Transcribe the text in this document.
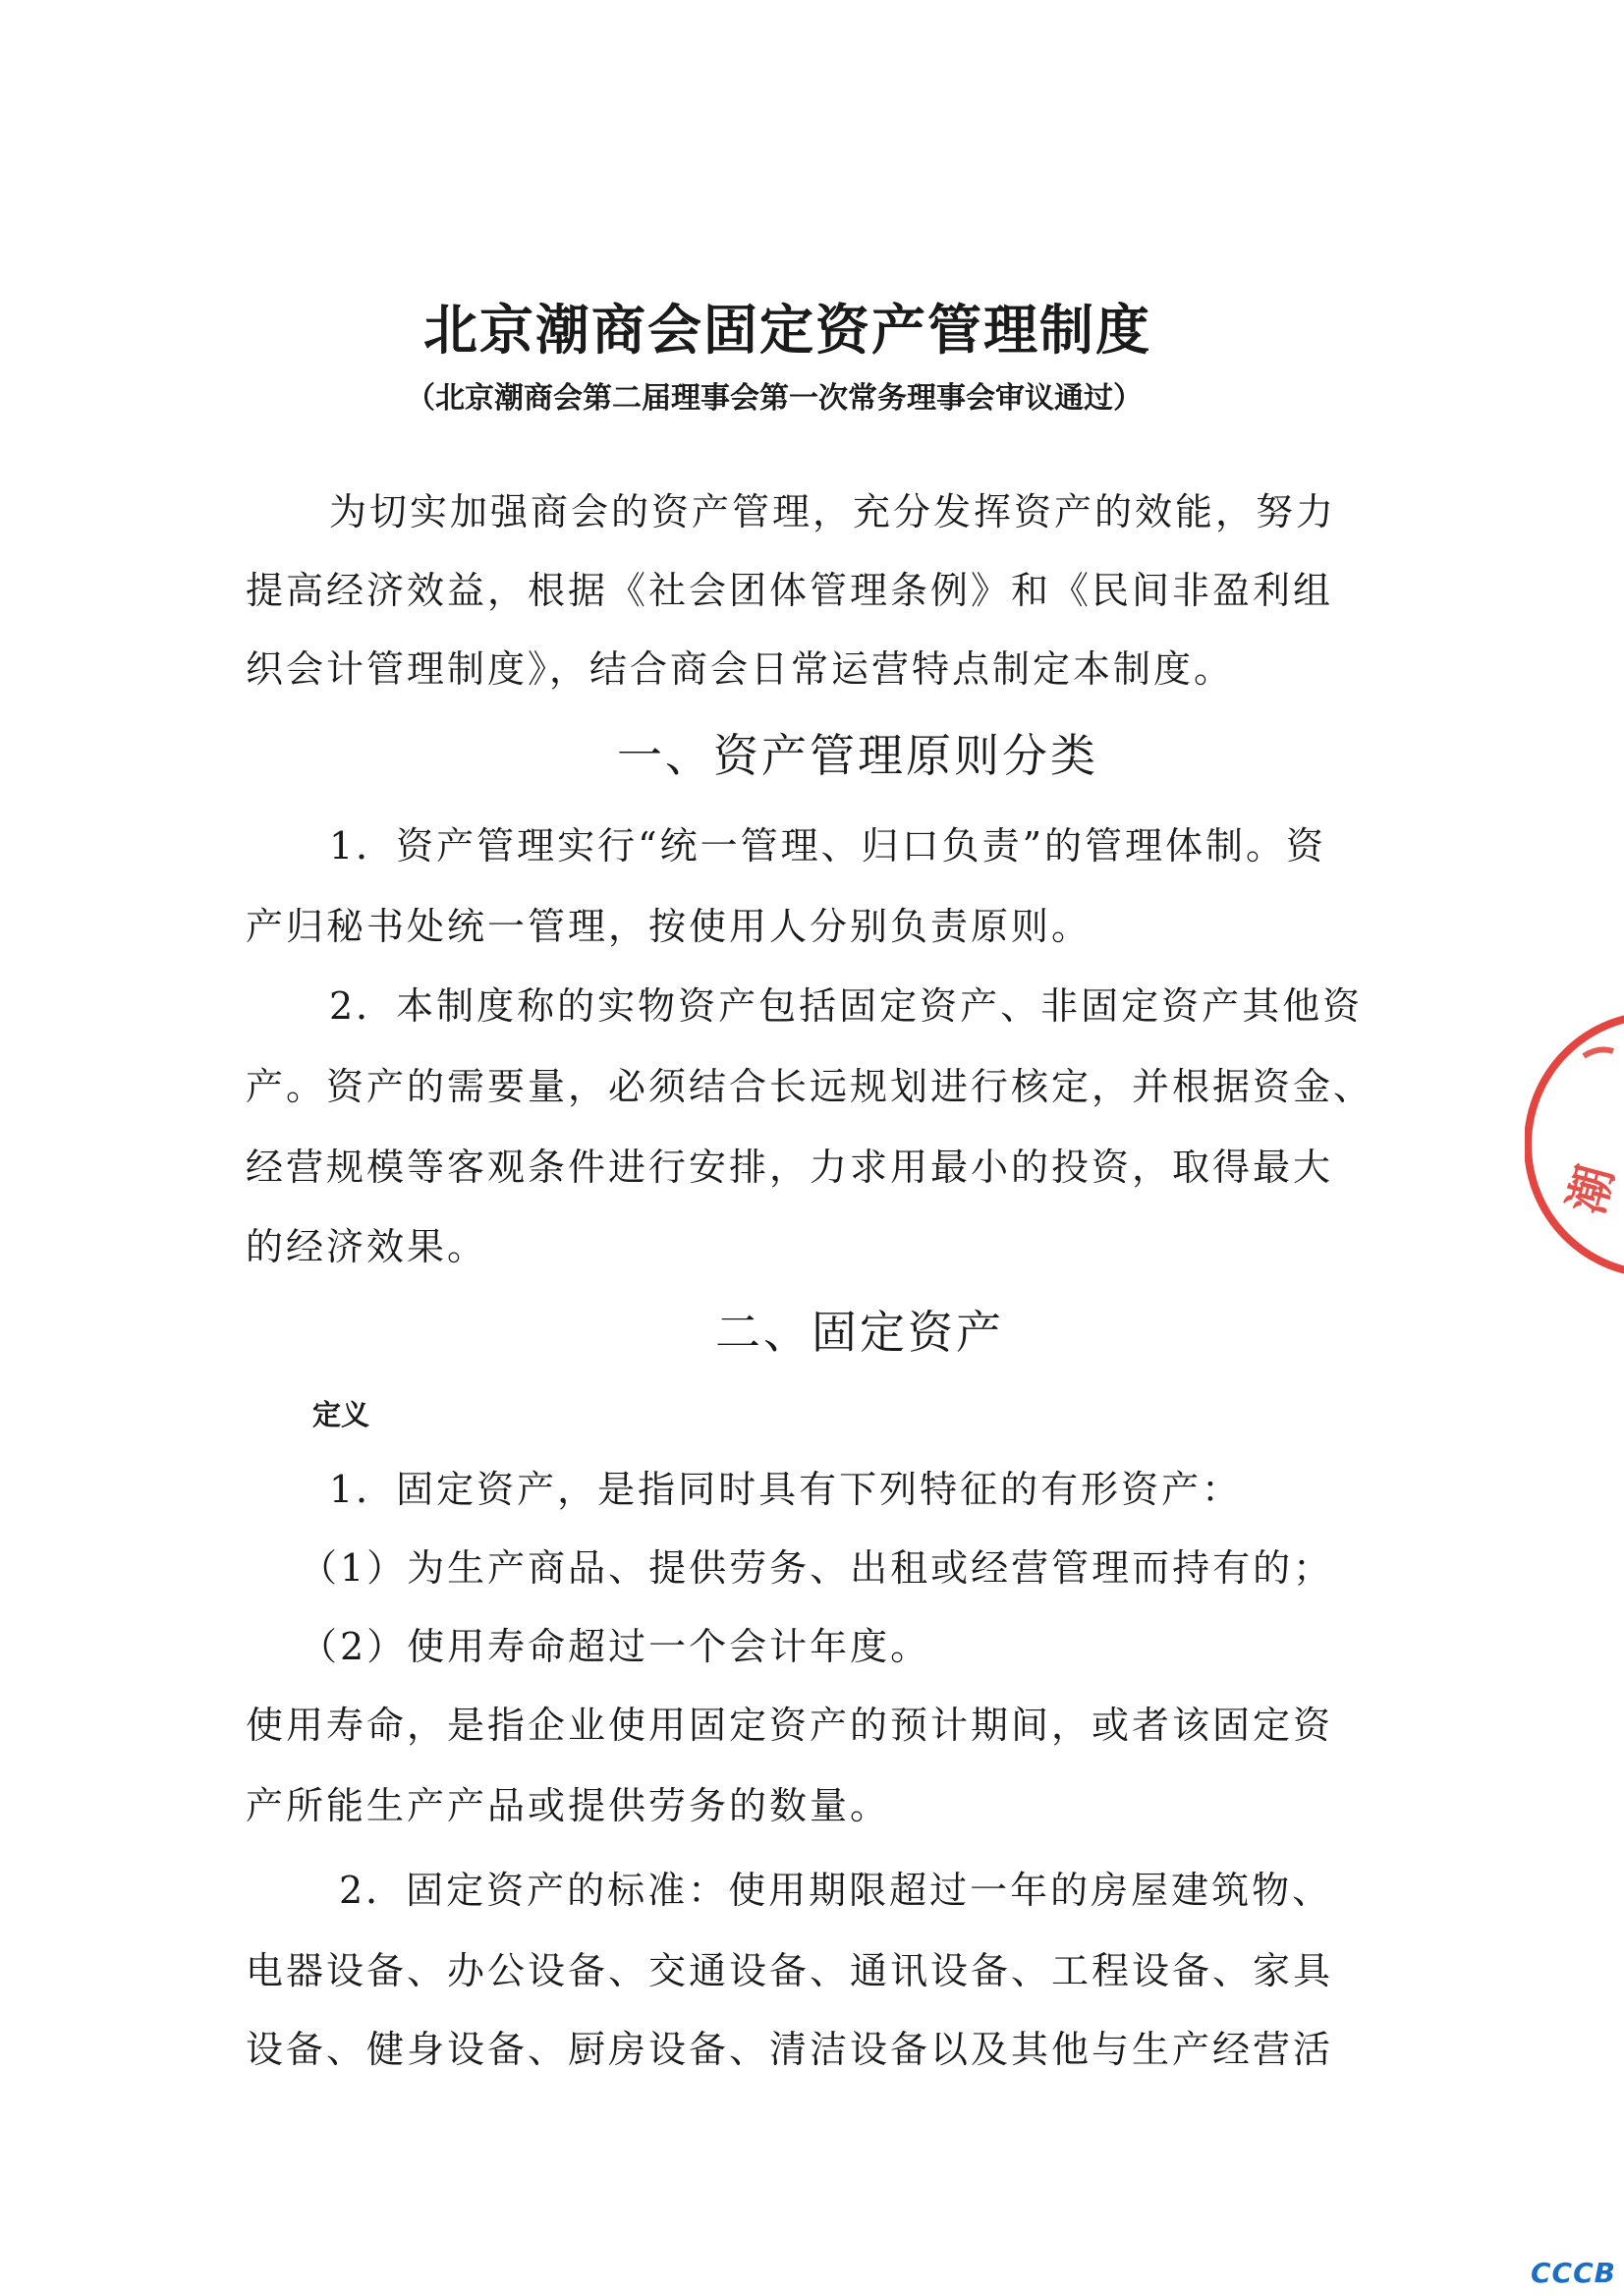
北京潮商会固定资产管理制度
（北京潮商会第二届理事会第一次常务理事会审议通过）
为切实加强商会的资产管理，充分发挥资产的效能，努力
提高经济效益，根据《社会团体管理条例》和《民间非盈利组
织会计管理制度》，结合商会日常运营特点制定本制度。
一、资产管理原则分类
1．资产管理实行“统一管理、归口负责”的管理体制。资
产归秘书处统一管理，按使用人分别负责原则。
2．本制度称的实物资产包括固定资产、非固定资产其他资
产。资产的需要量，必须结合长远规划进行核定，并根据资金、
经营规模等客观条件进行安排，力求用最小的投资，取得最大
的经济效果。
二、固定资产
定义
1．固定资产，是指同时具有下列特征的有形资产：
（1）为生产商品、提供劳务、出租或经营管理而持有的；
（2）使用寿命超过一个会计年度。
使用寿命，是指企业使用固定资产的预计期间，或者该固定资
产所能生产产品或提供劳务的数量。
2．固定资产的标准：使用期限超过一年的房屋建筑物、
电器设备、办公设备、交通设备、通讯设备、工程设备、家具
设备、健身设备、厨房设备、清洁设备以及其他与生产经营活
潮
CCCB
